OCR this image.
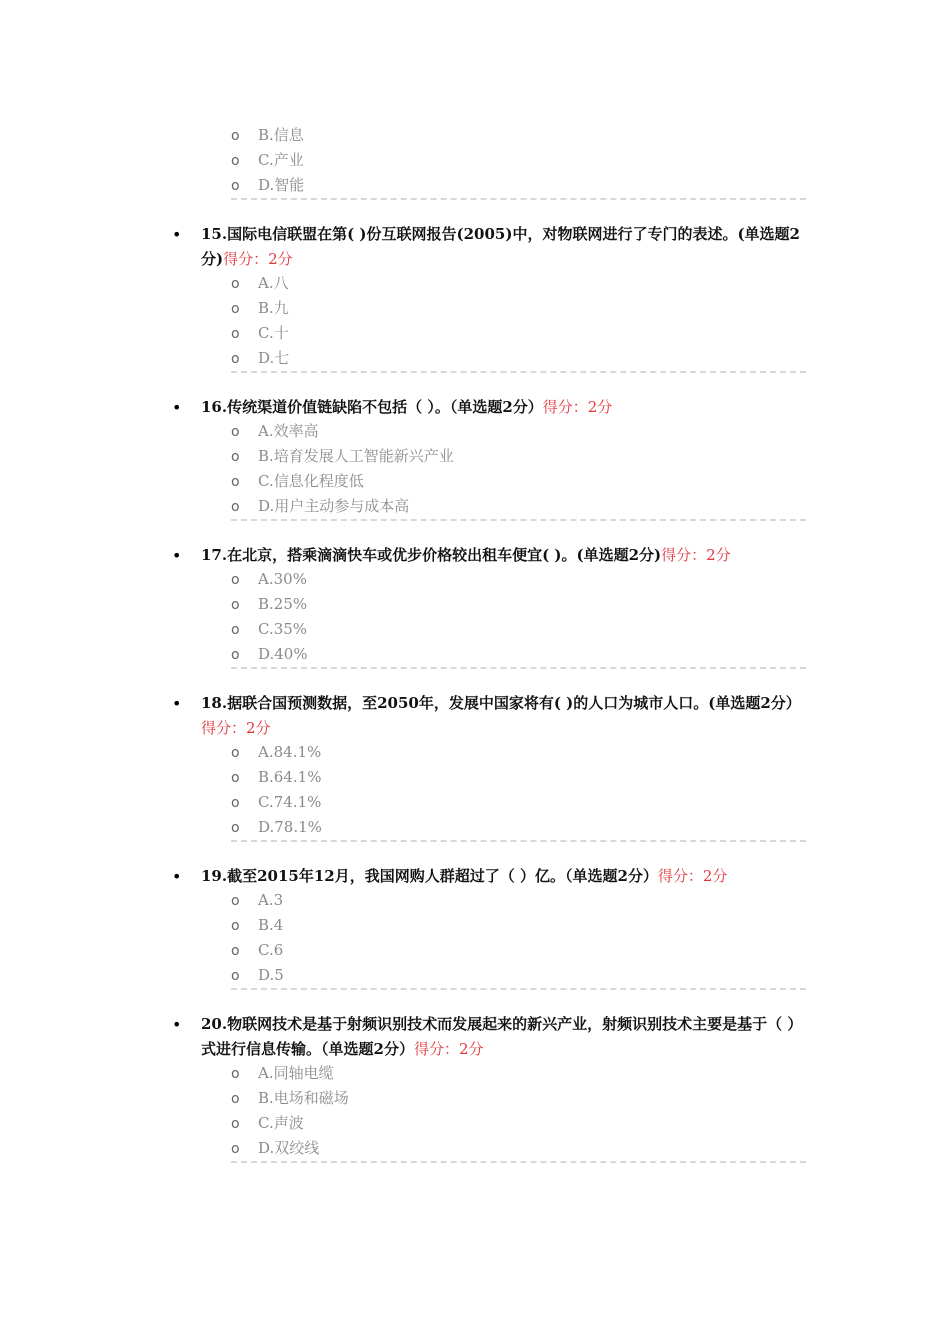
o B.信息
o C.产业
o D.智能
•	15.国际电信联盟在第( )份互联网报告(2005)中，对物联网进行了专门的表述。(单选题2分)得分：2分
o A.八
o B.九
o C.十
o D.七
•	16.传统渠道价值链缺陷不包括（ ）。（单选题2分）得分：2分
o A.效率高
o B.培育发展人工智能新兴产业
o C.信息化程度低
o D.用户主动参与成本高
•	17.在北京，搭乘滴滴快车或优步价格较出租车便宜( )。(单选题2分)得分：2分
o A.30%
o B.25%
o C.35%
o D.40%
•	18.据联合国预测数据，至2050年，发展中国家将有( )的人口为城市人口。(单选题2分）得分：2分
o A.84.1%
o B.64.1%
o C.74.1%
o D.78.1%
•	19.截至2015年12月，我国网购人群超过了（ ）亿。（单选题2分）得分：2分
o A.3
o B.4
o C.6
o D.5
•	20.物联网技术是基于射频识别技术而发展起来的新兴产业，射频识别技术主要是基于（ ）式进行信息传输。（单选题2分）得分：2分
o A.同轴电缆
o B.电场和磁场
o C.声波
o D.双绞线
